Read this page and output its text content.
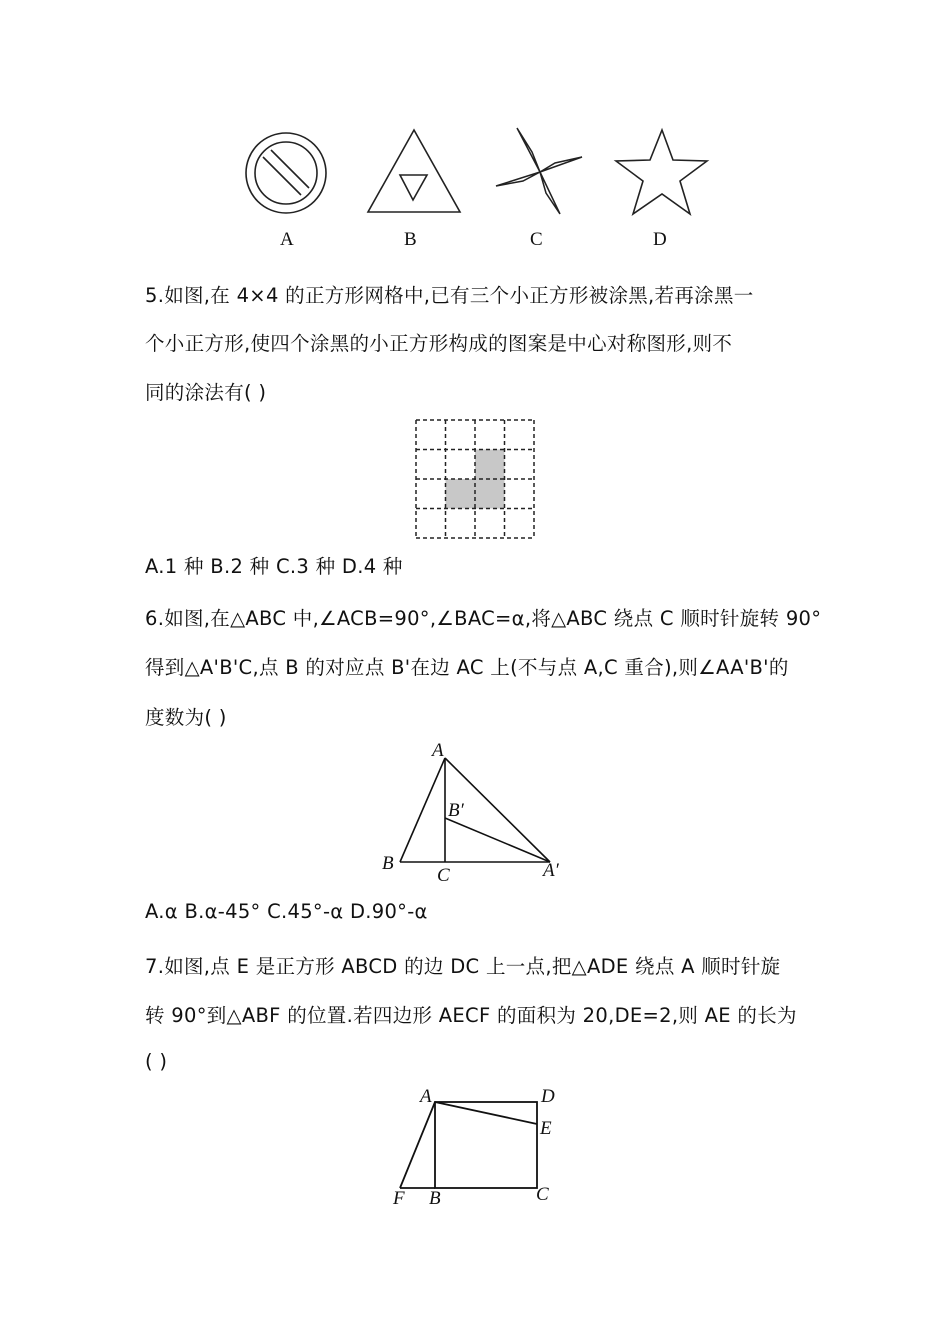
A	B	C	D
5.如图,在 4×4 的正方形网格中,已有三个小正方形被涂黑,若再涂黑一
个小正方形,使四个涂黑的小正方形构成的图案是中心对称图形,则不
同的涂法有( )
A.1 种 B.2 种 C.3 种 D.4 种
6.如图,在△ABC 中,∠ACB=90°,∠BAC=α,将△ABC 绕点 C 顺时针旋转 90°
得到△A'B'C,点 B 的对应点 B'在边 AC 上(不与点 A,C 重合),则∠AA'B'的
度数为( )
A
B′
B
C	A′
A.α B.α-45° C.45°-α D.90°-α
7.如图,点 E 是正方形 ABCD 的边 DC 上一点,把△ADE 绕点 A 顺时针旋
转 90°到△ABF 的位置.若四边形 AECF 的面积为 20,DE=2,则 AE 的长为
( )
A	D
E
F B	C
